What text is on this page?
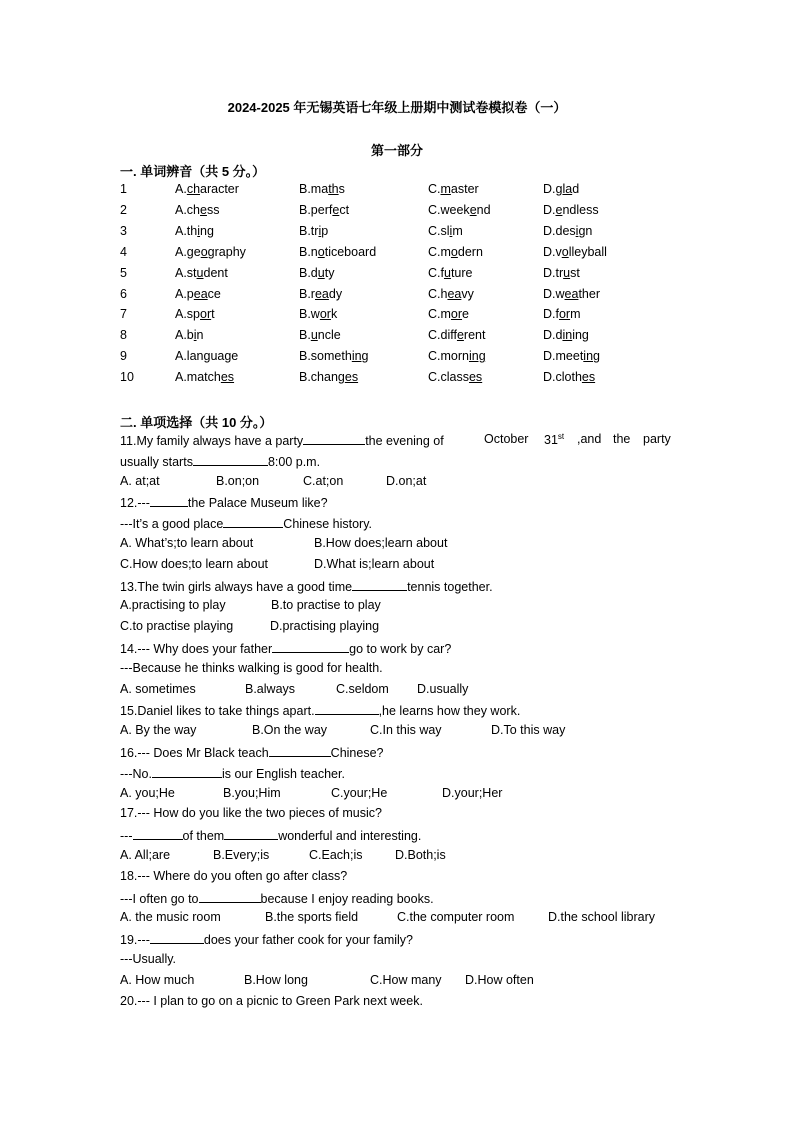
2024-2025 年无锡英语七年级上册期中测试卷模拟卷（一）
第一部分
一. 单词辨音（共 5 分。）
1	A.character	B.maths	C.master	D.glad
2	A.chess	B.perfect	C.weekend	D.endless
3	A.thing	B.trip	C.slim	D.design
4	A.geography	B.noticeboard	C.modern	D.volleyball
5	A.student	B.duty	C.future	D.trust
6	A.peace	B.ready	C.heavy	D.weather
7	A.sport	B.work	C.more	D.form
8	A.bin	B.uncle	C.different	D.dining
9	A.language	B.something	C.morning	D.meeting
10	A.matches	B.changes	C.classes	D.clothes
二. 单项选择（共 10 分。）
11.My family always have a party	the evening of	October 31st ,and the party
usually starts	8:00 p.m.
A. at;at	B.on;on	C.at;on	D.on;at
12.---	the Palace Museum like?
---It’s a good place	Chinese history.
A. What’s;to learn about	B.How does;learn about
C.How does;to learn about	D.What is;learn about
13.The twin girls always have a good time	tennis together.
A.practising to play	B.to practise to play
C.to practise playing	D.practising playing
14.--- Why does your father	go to work by car?
---Because he thinks walking is good for health.
A. sometimes	B.always	C.seldom D.usually
15.Daniel likes to take things apart.	,he learns how they work.
A. By the way	B.On the way	C.In this way	D.To this way
16.--- Does Mr Black teach	Chinese?
---No.	is our English teacher.
A. you;He	B.you;Him	C.your;He	D.your;Her
17.--- How do you like the two pieces of music?
---	of them	wonderful and interesting.
A. All;are	B.Every;is	C.Each;is	D.Both;is
18.--- Where do you often go after class?
---I often go to	because I enjoy reading books.
A. the music room	B.the sports field	C.the computer room	D.the school library
19.---	does your father cook for your family?
---Usually.
A. How much	B.How long	C.How many D.How often
20.--- I plan to go on a picnic to Green Park next week.
